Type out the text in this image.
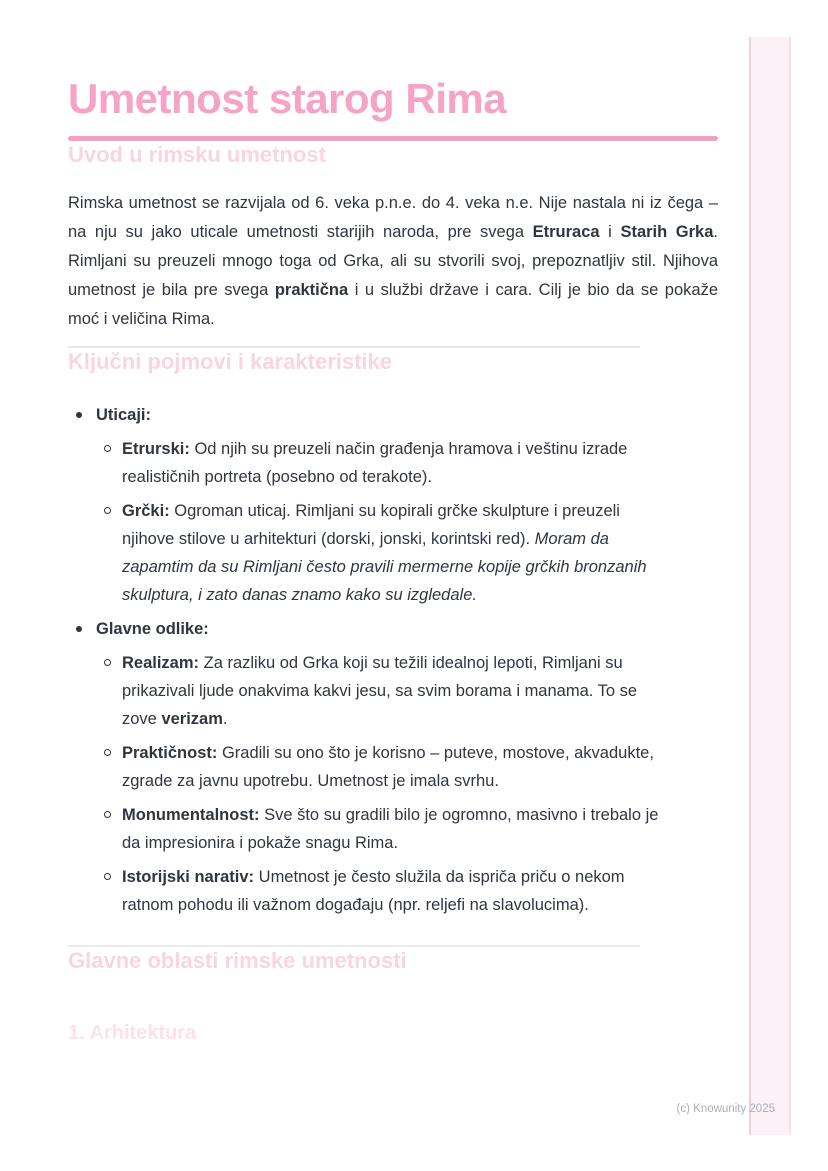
Umetnost starog Rima
Uvod u rimsku umetnost

Rimska umetnost se razvijala od 6. veka p.n.e. do 4. veka n.e. Nije nastala ni iz čega – na nju su jako uticale umetnosti starijih naroda, pre svega Etruraca i Starih Grka. Rimljani su preuzeli mnogo toga od Grka, ali su stvorili svoj, prepoznatljiv stil. Njihova umetnost je bila pre svega praktična i u službi države i cara. Cilj je bio da se pokaže moć i veličina Rima.

Ključni pojmovi i karakteristike
Uticaji:
Etrurski: Od njih su preuzeli način građenja hramova i veštinu izrade realističnih portreta (posebno od terakote).
Grčki: Ogroman uticaj. Rimljani su kopirali grčke skulpture i preuzeli njihove stilove u arhitekturi (dorski, jonski, korintski red). Moram da zapamtim da su Rimljani često pravili mermerne kopije grčkih bronzanih skulptura, i zato danas znamo kako su izgledale.
Glavne odlike:
Realizam: Za razliku od Grka koji su težili idealnoj lepoti, Rimljani su prikazivali ljude onakvima kakvi jesu, sa svim borama i manama. To se zove verizam.
Praktičnost: Gradili su ono što je korisno – puteve, mostove, akvadukte, zgrade za javnu upotrebu. Umetnost je imala svrhu.
Monumentalnost: Sve što su gradili bilo je ogromno, masivno i trebalo je da impresionira i pokaže snagu Rima.
Istorijski narativ: Umetnost je često služila da ispriča priču o nekom ratnom pohodu ili važnom događaju (npr. reljefi na slavolucima).
Glavne oblasti rimske umetnosti
1. Arhitektura
(c) Knowunity 2025
